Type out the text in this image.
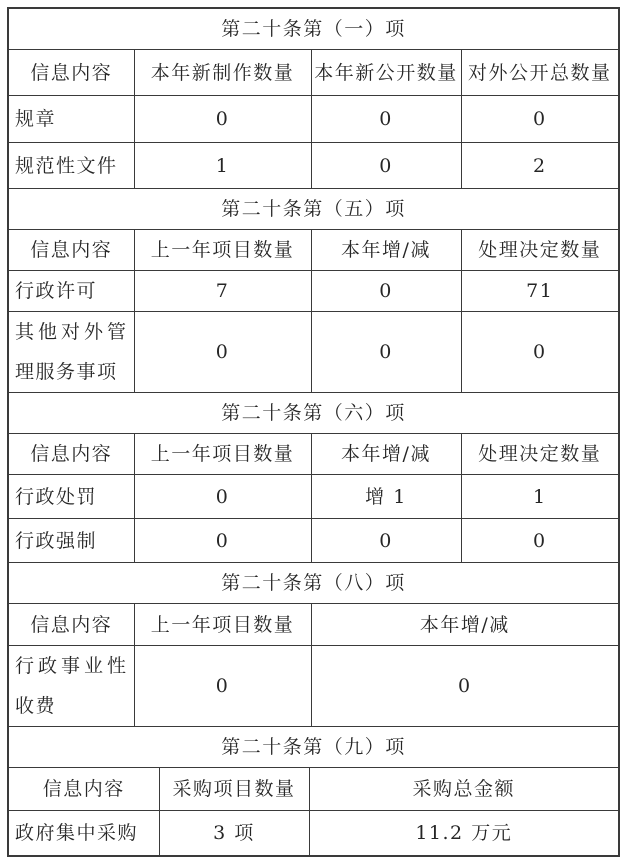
第二十条第（一）项					
信息内容	本年新制作数量			本年新公开数量	对外公开总数量
规章	0			0	0
规范性文件	1			0	2
第二十条第（五）项					
信息内容	上一年项目数量			本年增/减	处理决定数量
行政许可	7			0	71
其他对外管理服务事项	0			0	0
第二十条第（六）项					
信息内容	上一年项目数量			本年增/减	处理决定数量
行政处罚	0			增 1	1
行政强制	0			0	0
第二十条第（八）项					
信息内容	上一年项目数量			本年增/减	
行政事业性收费	0			0	
第二十条第（九）项					
信息内容		采购项目数量	采购总金额		
政府集中采购		3 项	11.2 万元		
